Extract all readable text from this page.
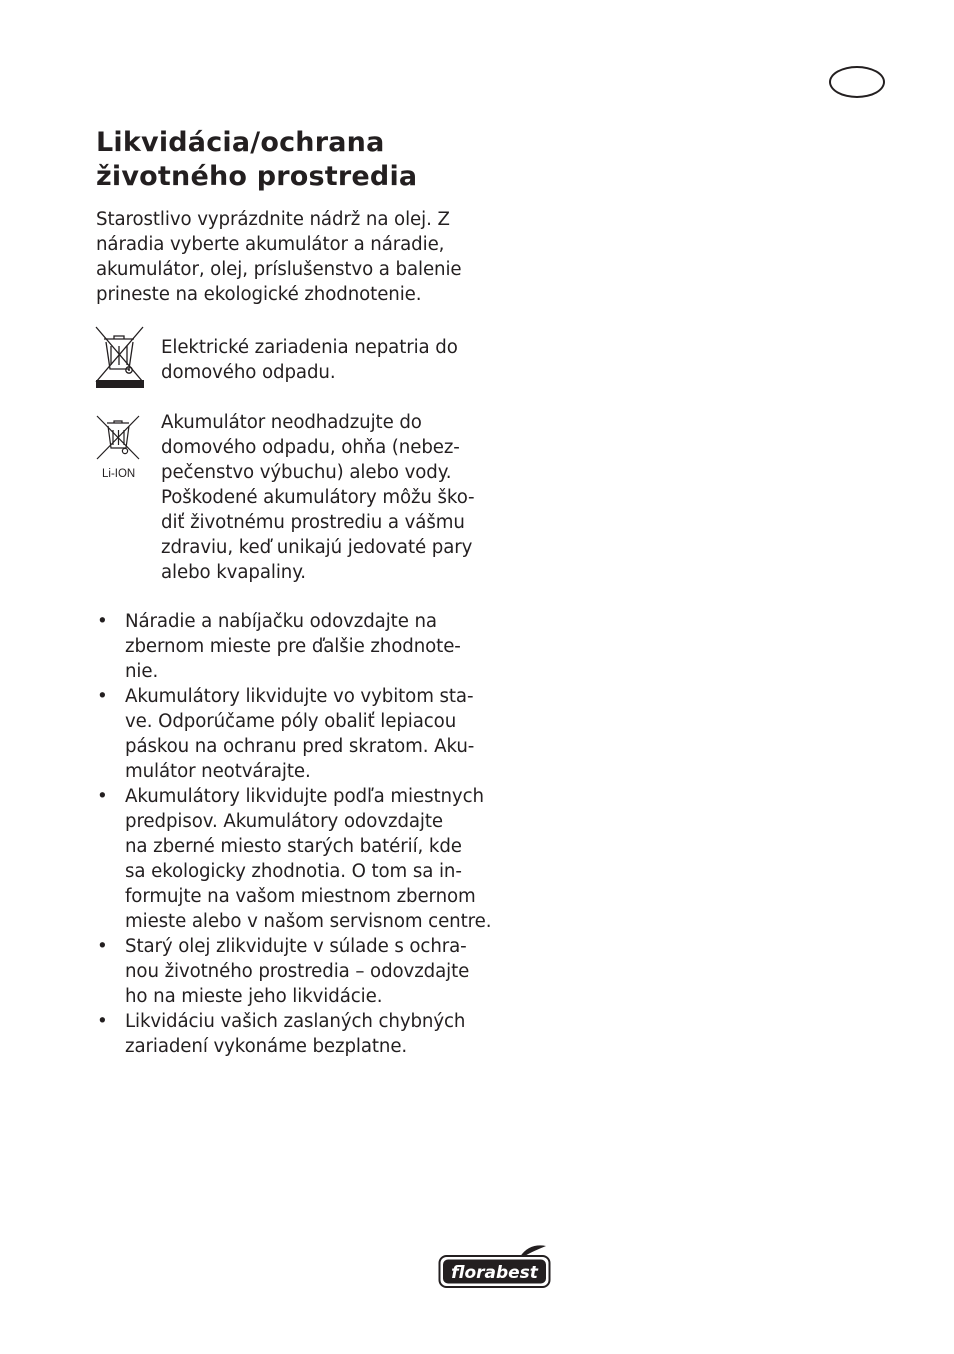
Likvidácia/ochrana
životného prostredia

Starostlivo vyprázdnite nádrž na olej. Z
náradia vyberte akumulátor a náradie,
akumulátor, olej, príslušenstvo a balenie
prineste na ekologické zhodnotenie.

Elektrické zariadenia nepatria do
domového odpadu.

Li-ION

Akumulátor neodhadzujte do
domového odpadu, ohňa (nebez-
pečenstvo výbuchu) alebo vody.
Poškodené akumulátory môžu ško-
diť životnému prostrediu a vášmu
zdraviu, keď unikajú jedovaté pary
alebo kvapaliny.

• Náradie a nabíjačku odovzdajte na
zbernom mieste pre ďalšie zhodnote-
nie.
• Akumulátory likvidujte vo vybitom sta-
ve. Odporúčame póly obaliť lepiacou
páskou na ochranu pred skratom. Aku-
mulátor neotvárajte.
• Akumulátory likvidujte podľa miestnych
predpisov. Akumulátory odovzdajte
na zberné miesto starých batérií, kde
sa ekologicky zhodnotia. O tom sa in-
formujte na vašom miestnom zbernom
mieste alebo v našom servisnom centre.
• Starý olej zlikvidujte v súlade s ochra-
nou životného prostredia – odovzdajte
ho na mieste jeho likvidácie.
• Likvidáciu vašich zaslaných chybných
zariadení vykonáme bezplatne.
florabest
